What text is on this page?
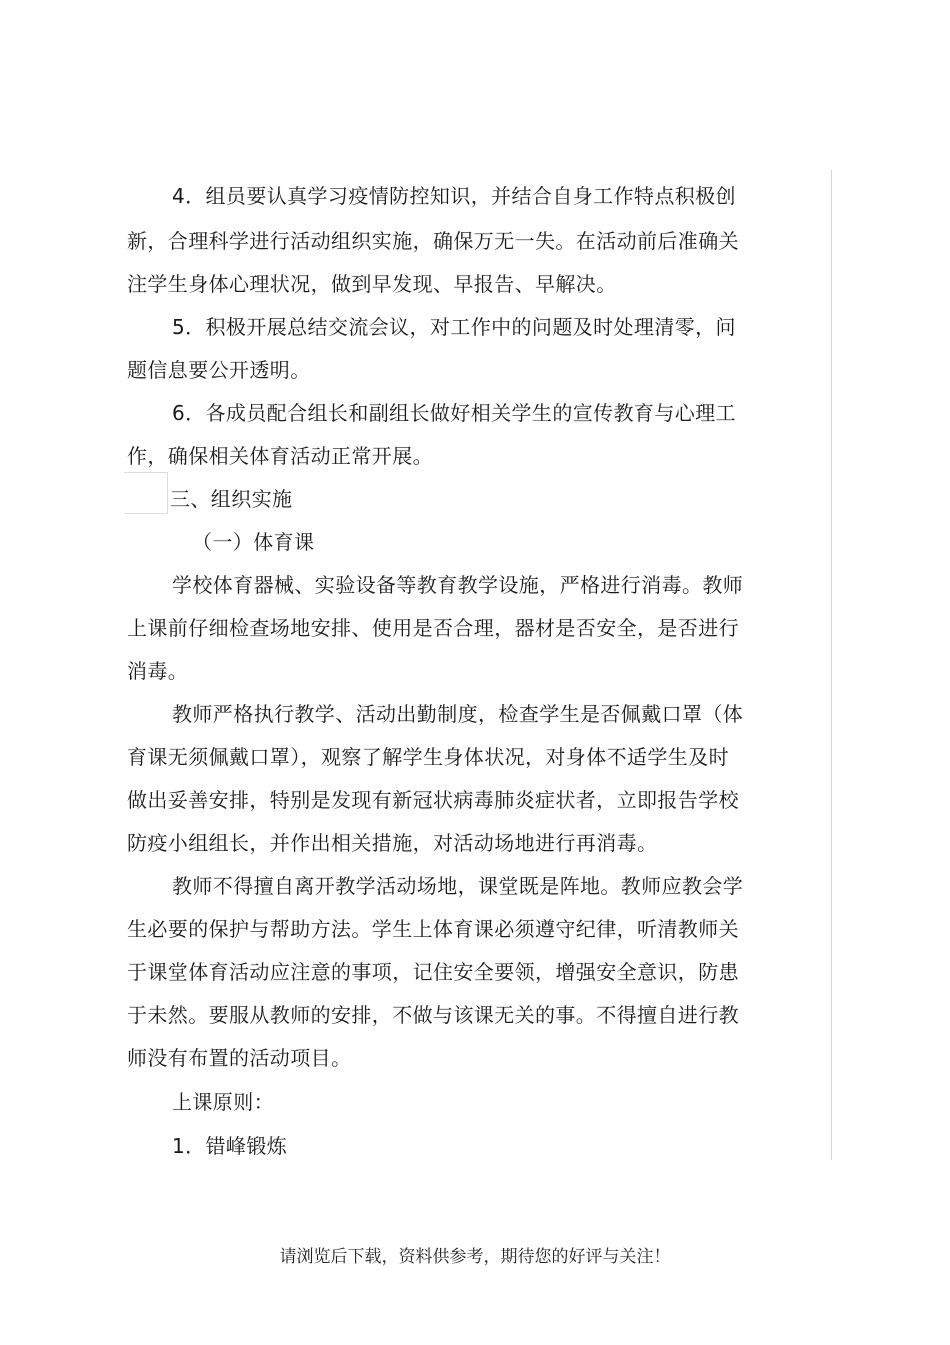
4．组员要认真学习疫情防控知识，并结合自身工作特点积极创
新，合理科学进行活动组织实施，确保万无一失。在活动前后准确关
注学生身体心理状况，做到早发现、早报告、早解决。
5．积极开展总结交流会议，对工作中的问题及时处理清零，问
题信息要公开透明。
6．各成员配合组长和副组长做好相关学生的宣传教育与心理工
作，确保相关体育活动正常开展。
三、组织实施
（一）体育课
学校体育器械、实验设备等教育教学设施，严格进行消毒。教师
上课前仔细检查场地安排、使用是否合理，器材是否安全，是否进行
消毒。
教师严格执行教学、活动出勤制度，检查学生是否佩戴口罩（体
育课无须佩戴口罩），观察了解学生身体状况，对身体不适学生及时
做出妥善安排，特别是发现有新冠状病毒肺炎症状者，立即报告学校
防疫小组组长，并作出相关措施，对活动场地进行再消毒。
教师不得擅自离开教学活动场地，课堂既是阵地。教师应教会学
生必要的保护与帮助方法。学生上体育课必须遵守纪律，听清教师关
于课堂体育活动应注意的事项，记住安全要领，增强安全意识，防患
于未然。要服从教师的安排，不做与该课无关的事。不得擅自进行教
师没有布置的活动项目。
上课原则：
1．错峰锻炼
请浏览后下载，资料供参考，期待您的好评与关注！
